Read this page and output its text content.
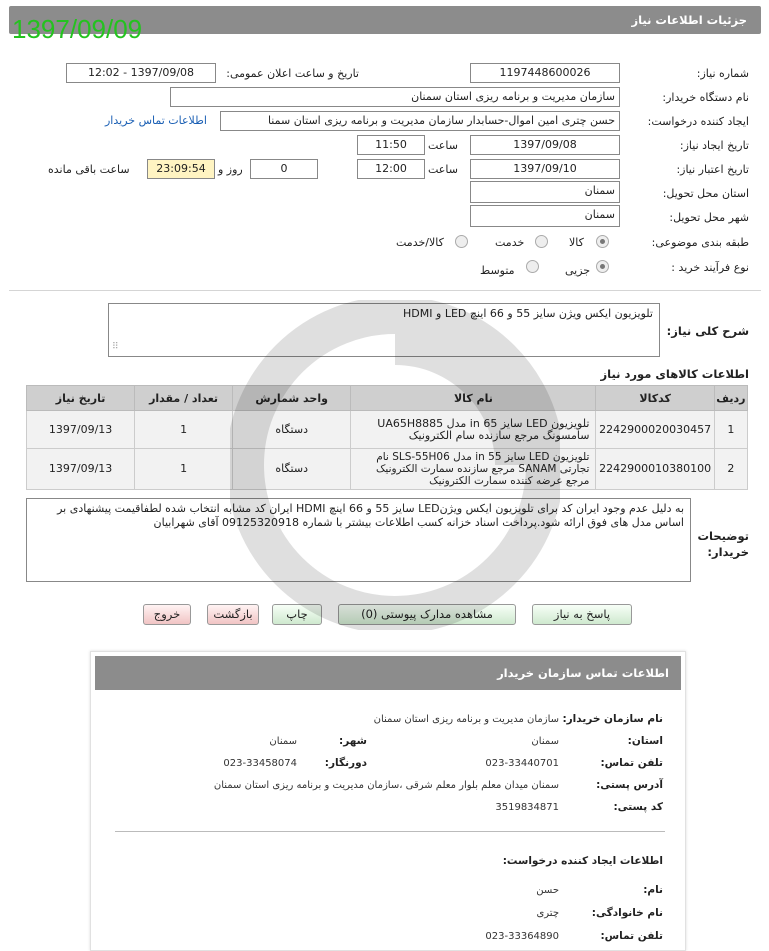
1397/09/09	جزئیات اطلاعات نیاز
شماره نیاز:
1197448600026
تاریخ و ساعت اعلان عمومی:
1397/09/08 - 12:02
نام دستگاه خریدار:
سازمان مدیریت و برنامه ریزی استان سمنان
ایجاد کننده درخواست:
حسن چتری امین اموال-حسابدار سازمان مدیریت و برنامه ریزی استان سمنا
اطلاعات تماس خریدار
تاریخ ایجاد نیاز:
1397/09/08
ساعت
11:50
تاریخ اعتبار نیاز:
1397/09/10
ساعت
12:00
0
روز و
23:09:54
ساعت باقی مانده
استان محل تحویل:
سمنان
شهر محل تحویل:
سمنان
طبقه بندی موضوعی:
کالا
خدمت
کالا/خدمت
نوع فرآیند خرید :
جزیی
متوسط
شرح کلی نیاز:
تلویزیون ایکس ویژن سایز 55 و 66 اینچ LED و HDMI
⠿
اطلاعات کالاهای مورد نیاز
ردیف	کدکالا	نام کالا	واحد شمارش	تعداد / مقدار	تاریخ نیاز
1	2242900020030457	تلویزیون LED سایز in 65 مدل UA65H8885 سامسونگ مرجع سازنده سام الکترونیک	دستگاه	1	1397/09/13
2	2242900010380100	تلویزیون LED سایز in 55 مدل SLS-55H06 نام تجارتی SANAM مرجع سازنده سمارت الکترونیک مرجع عرضه کننده سمارت الکترونیک	دستگاه	1	1397/09/13
توضیحات خریدار:
به دلیل عدم وجود ایران کد برای تلویزیون ایکس ویژنLED سایز 55 و 66 اینچ HDMI ایران کد مشابه انتخاب شده لطفاقیمت پیشنهادی بر اساس مدل های فوق ارائه شود.پرداخت اسناد خزانه کسب اطلاعات بیشتر با شماره 09125320918 آقای شهرابیان
پاسخ به نیاز
مشاهده مدارک پیوستی (0)
چاپ
بازگشت
خروج
اطلاعات تماس سازمان خریدار
نام سازمان خریدار:
سازمان مدیریت و برنامه ریزی استان سمنان
استان:
سمنان
شهر:
سمنان
تلفن تماس:
023-33440701
دورنگار:
023-33458074
آدرس پستی:
سمنان میدان معلم بلوار معلم شرقی ،سازمان مدیریت و برنامه ریزی استان سمنان
کد پستی:
3519834871
اطلاعات ایجاد کننده درخواست:
نام:
حسن
نام خانوادگی:
چتری
تلفن تماس:
023-33364890
